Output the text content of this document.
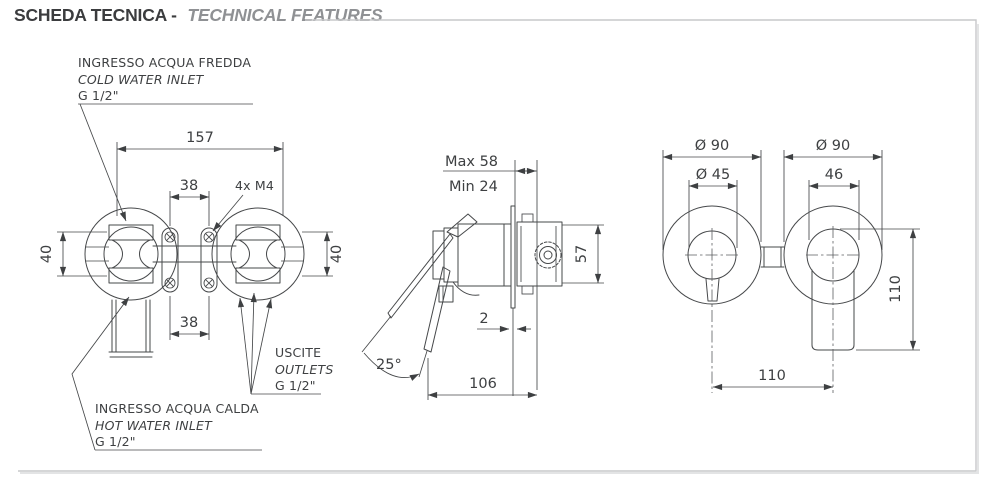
SCHEDA TECNICA - TECHNICAL FEATURES
157
38	4x M4
40	40
38
INGRESSO ACQUA FREDDA
COLD WATER INLET
G 1/2"
INGRESSO ACQUA CALDA
HOT WATER INLET
G 1/2"
USCITE
OUTLETS
G 1/2"
Max 58
Min 24
57
2
106
25°
Ø 90
Ø 45
Ø 90
46
110
110
